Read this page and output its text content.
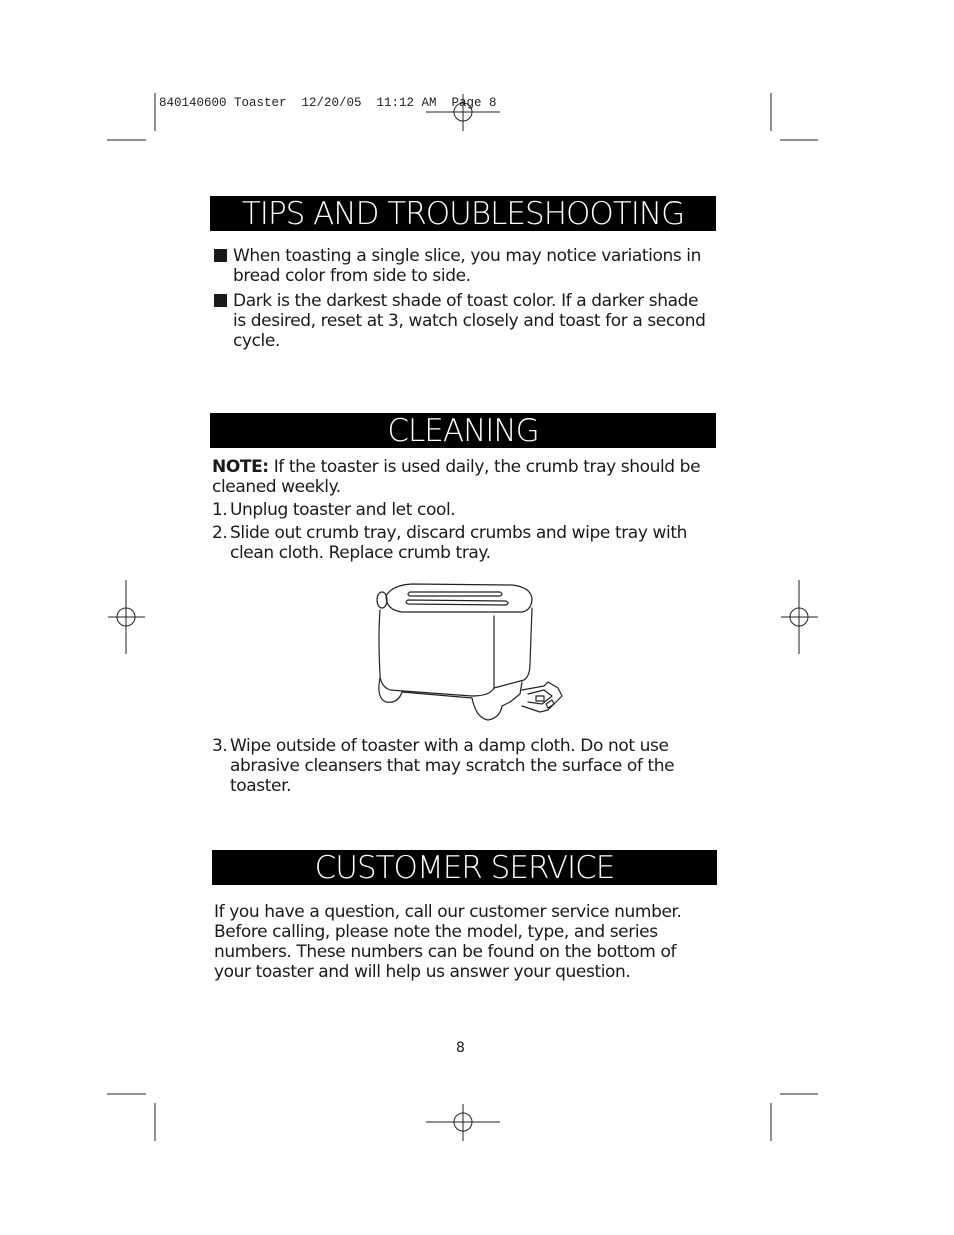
840140600 Toaster  12/20/05  11:12 AM  Page 8
TIPS AND TROUBLESHOOTING
When toasting a single slice, you may notice variations in bread color from side to side.
Dark is the darkest shade of toast color. If a darker shade is desired, reset at 3, watch closely and toast for a second cycle.
CLEANING
NOTE: If the toaster is used daily, the crumb tray should be cleaned weekly.
1. Unplug toaster and let cool.
2. Slide out crumb tray, discard crumbs and wipe tray with clean cloth. Replace crumb tray.
3. Wipe outside of toaster with a damp cloth. Do not use abrasive cleansers that may scratch the surface of the toaster.
CUSTOMER SERVICE
If you have a question, call our customer service number. Before calling, please note the model, type, and series numbers. These numbers can be found on the bottom of your toaster and will help us answer your question.
8
